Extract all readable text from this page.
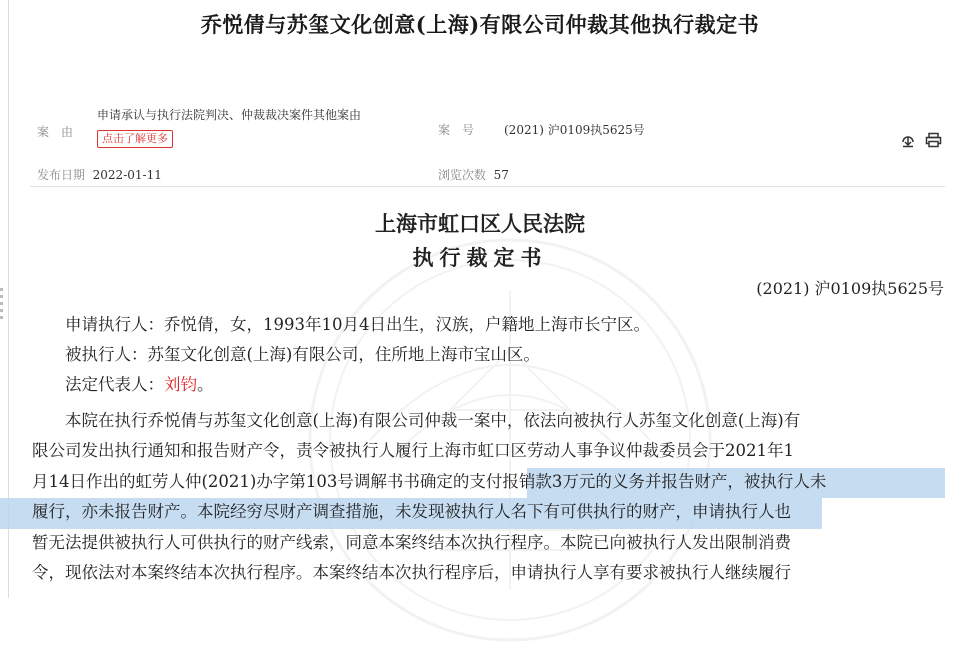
乔悦倩与苏玺文化创意(上海)有限公司仲裁其他执行裁定书
案　由
申请承认与执行法院判决、仲裁裁决案件其他案由
点击了解更多
案　号 (2021) 沪0109执5625号

发布日期 2022-01-11	浏览次数 57
上海市虹口区人民法院
执行裁定书
(2021) 沪0109执5625号
申请执行人：乔悦倩，女，1993年10月4日出生，汉族，户籍地上海市长宁区。
被执行人：苏玺文化创意(上海)有限公司，住所地上海市宝山区。
法定代表人：刘钧。
本院在执行乔悦倩与苏玺文化创意(上海)有限公司仲裁一案中，依法向被执行人苏玺文化创意(上海)有
限公司发出执行通知和报告财产令，责令被执行人履行上海市虹口区劳动人事争议仲裁委员会于2021年1
月14日作出的虹劳人仲(2021)办字第103号调解书书确定的支付报销款3万元的义务并报告财产，被执行人未
履行，亦未报告财产。本院经穷尽财产调查措施，未发现被执行人名下有可供执行的财产，申请执行人也
暂无法提供被执行人可供执行的财产线索，同意本案终结本次执行程序。本院已向被执行人发出限制消费
令，现依法对本案终结本次执行程序。本案终结本次执行程序后，申请执行人享有要求被执行人继续履行
